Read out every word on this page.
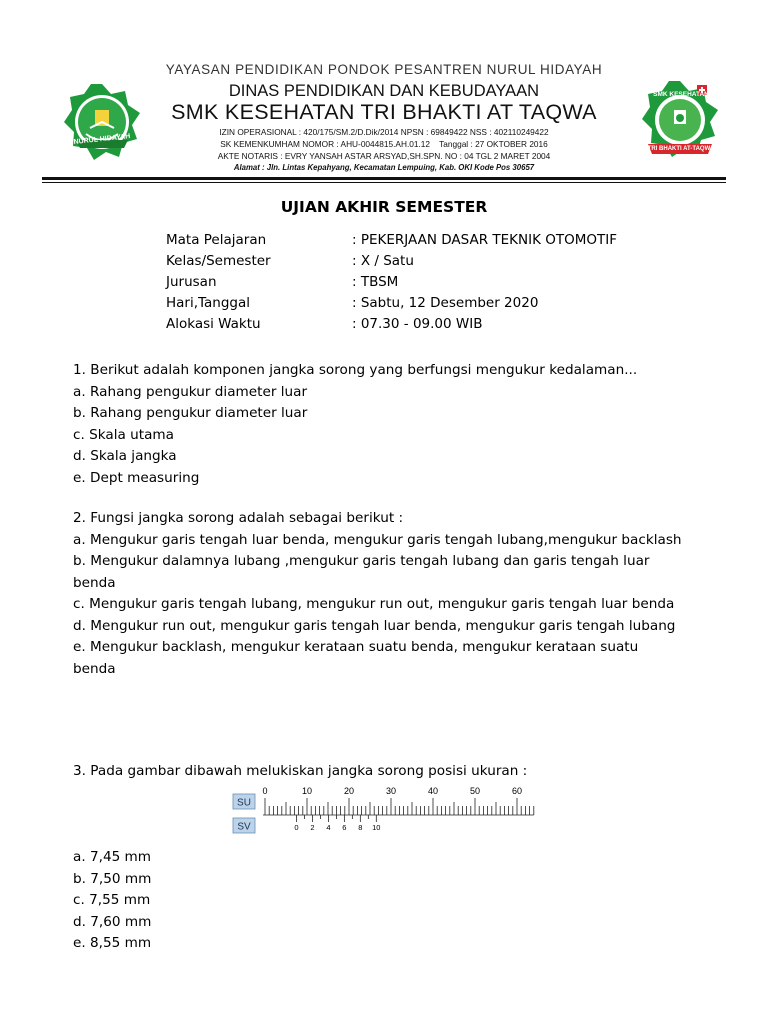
NURUL HIDAYAH
SMK KESEHATAN
TRI BHAKTI AT-TAQWA
YAYASAN PENDIDIKAN PONDOK PESANTREN NURUL HIDAYAH
DINAS PENDIDIKAN DAN KEBUDAYAAN
SMK KESEHATAN TRI BHAKTI AT TAQWA
IZIN OPERASIONAL : 420/175/SM.2/D.Dik/2014 NPSN : 69849422 NSS : 402110249422
SK KEMENKUMHAM NOMOR : AHU-0044815.AH.01.12    Tanggal : 27 OKTOBER 2016
AKTE NOTARIS : EVRY YANSAH ASTAR ARSYAD,SH.SPN. NO : 04 TGL 2 MARET 2004
Alamat : Jln. Lintas Kepahyang, Kecamatan Lempuing, Kab. OKI Kode Pos 30657
UJIAN AKHIR SEMESTER
Mata Pelajaran	: PEKERJAAN DASAR TEKNIK OTOMOTIF
Kelas/Semester	: X / Satu
Jurusan	: TBSM
Hari,Tanggal	: Sabtu, 12 Desember 2020
Alokasi Waktu	: 07.30 - 09.00 WIB
1. Berikut adalah komponen jangka sorong yang berfungsi mengukur kedalaman...
a. Rahang pengukur diameter luar
b. Rahang pengukur diameter luar
c. Skala utama
d. Skala jangka
e. Dept measuring
2. Fungsi jangka sorong adalah sebagai berikut :
a. Mengukur garis tengah luar benda, mengukur garis tengah lubang,mengukur backlash
b. Mengukur dalamnya lubang ,mengukur garis tengah lubang dan garis tengah luar benda
c. Mengukur garis tengah lubang, mengukur run out, mengukur garis tengah luar benda
d. Mengukur run out, mengukur garis tengah luar benda, mengukur garis tengah lubang
e. Mengukur backlash, mengukur kerataan suatu benda, mengukur kerataan suatu benda
3. Pada gambar dibawah melukiskan jangka sorong posisi ukuran :
SU
SV
0	10	20	30	40	50	60
0 2 4 6 8 10
a. 7,45 mm
b. 7,50 mm
c. 7,55 mm
d. 7,60 mm
e. 8,55 mm
